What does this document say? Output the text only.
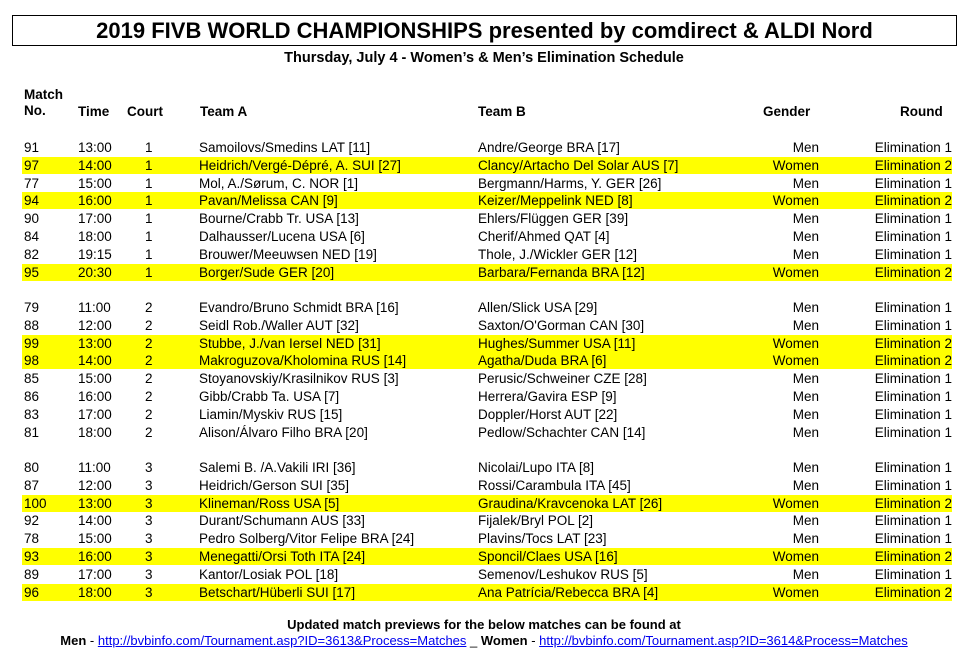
2019 FIVB WORLD CHAMPIONSHIPS presented by comdirect & ALDI Nord
Thursday, July 4 - Women’s & Men’s Elimination Schedule
Match
No.	Time Court	Team A	Team B	Gender	Round
91	13:00 1	Samoilovs/Smedins LAT [11]	Andre/George BRA [17]	Men	Elimination 1
97	14:00 1	Heidrich/Vergé-Dépré, A. SUI [27]	Clancy/Artacho Del Solar AUS [7]	Women	Elimination 2
77	15:00 1	Mol, A./Sørum, C. NOR [1]	Bergmann/Harms, Y. GER [26]	Men	Elimination 1
94	16:00 1	Pavan/Melissa CAN [9]	Keizer/Meppelink NED [8]	Women	Elimination 2
90	17:00 1	Bourne/Crabb Tr. USA [13]	Ehlers/Flüggen GER [39]	Men	Elimination 1
84	18:00 1	Dalhausser/Lucena USA [6]	Cherif/Ahmed QAT [4]	Men	Elimination 1
82	19:15 1	Brouwer/Meeuwsen NED [19]	Thole, J./Wickler GER [12]	Men	Elimination 1
95	20:30 1	Borger/Sude GER [20]	Barbara/Fernanda BRA [12]	Women	Elimination 2
79	11:00	2	Evandro/Bruno Schmidt BRA [16]	Allen/Slick USA [29]	Men	Elimination 1
88	12:00 2	Seidl Rob./Waller AUT [32]	Saxton/O'Gorman CAN [30]	Men	Elimination 1
99	13:00 2	Stubbe, J./van Iersel NED [31]	Hughes/Summer USA [11]	Women	Elimination 2
98	14:00 2	Makroguzova/Kholomina RUS [14]	Agatha/Duda BRA [6]	Women	Elimination 2
85	15:00 2	Stoyanovskiy/Krasilnikov RUS [3]	Perusic/Schweiner CZE [28]	Men	Elimination 1
86	16:00 2	Gibb/Crabb Ta. USA [7]	Herrera/Gavira ESP [9]	Men	Elimination 1
83	17:00 2	Liamin/Myskiv RUS [15]	Doppler/Horst AUT [22]	Men	Elimination 1
81	18:00 2	Alison/Álvaro Filho BRA [20]	Pedlow/Schachter CAN [14]	Men	Elimination 1
80	11:00	3	Salemi B. /A.Vakili IRI [36]	Nicolai/Lupo ITA [8]	Men	Elimination 1
87	12:00 3	Heidrich/Gerson SUI [35]	Rossi/Carambula ITA [45]	Men	Elimination 1
100 13:00 3	Klineman/Ross USA [5]	Graudina/Kravcenoka LAT [26]	Women	Elimination 2
92	14:00 3	Durant/Schumann AUS [33]	Fijalek/Bryl POL [2]	Men	Elimination 1
78	15:00 3	Pedro Solberg/Vitor Felipe BRA [24]	Plavins/Tocs LAT [23]	Men	Elimination 1
93	16:00 3	Menegatti/Orsi Toth ITA [24]	Sponcil/Claes USA [16]	Women	Elimination 2
89	17:00 3	Kantor/Losiak POL [18]	Semenov/Leshukov RUS [5]	Men	Elimination 1
96	18:00 3	Betschart/Hüberli SUI [17]	Ana Patrícia/Rebecca BRA [4]	Women	Elimination 2
Updated match previews for the below matches can be found at
Men - http://bvbinfo.com/Tournament.asp?ID=3613&Process=Matches _ Women - http://bvbinfo.com/Tournament.asp?ID=3614&Process=Matches
